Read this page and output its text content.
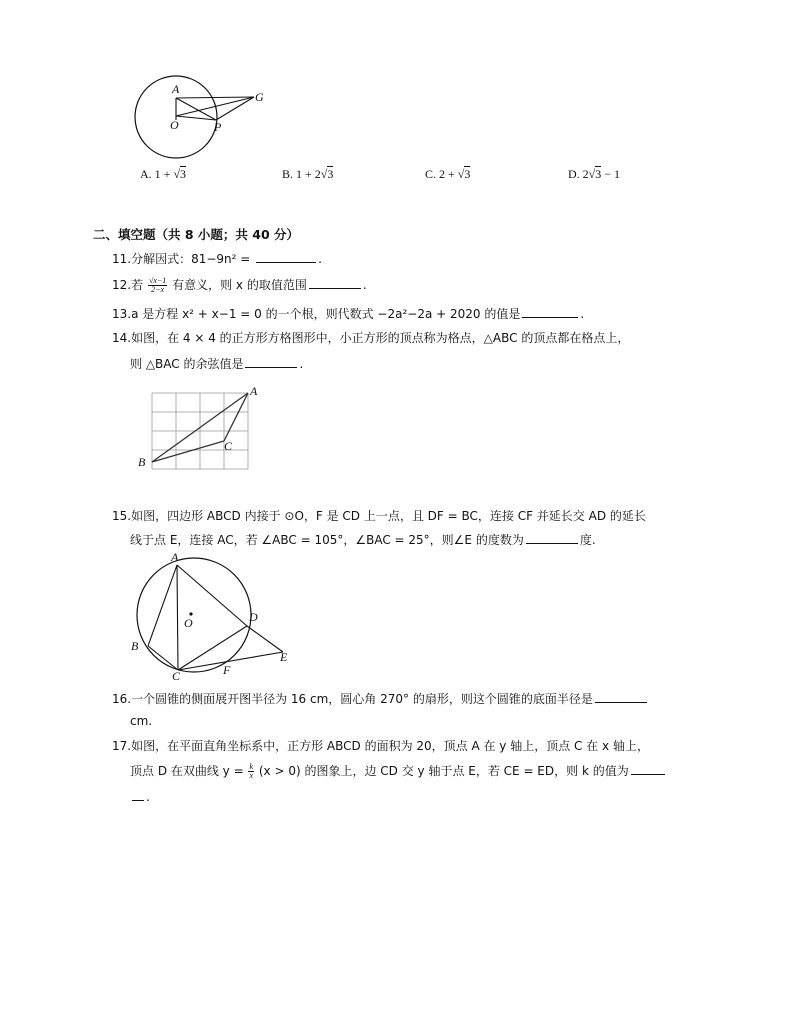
A
G
O	P
A. 1 + √3	B. 1 + 2√3	C. 2 + √3	D. 2√3 − 1
二、填空题（共 8 小题；共 40 分）
11.分解因式：81−9n² =	.
12.若 $\frac{√x-1}{2-x}$ 有意义，则 x 的取值范围	.
13.a 是方程 x² + x−1 = 0 的一个根，则代数式 −2a²−2a + 2020 的值是	.
14.如图，在 4 × 4 的正方形方格图形中，小正方形的顶点称为格点，△ABC 的顶点都在格点上，
则 △BAC 的余弦值是	.
A
B
C
15.如图，四边形 ABCD 内接于 ⊙O，F 是 CD 上一点，且 DF = BC，连接 CF 并延长交 AD 的延长
线于点 E，连接 AC，若 ∠ABC = 105°，∠BAC = 25°，则∠E 的度数为	度.
A
B
C
D
E
F
O
16.一个圆锥的侧面展开图半径为 16 cm，圆心角 270° 的扇形，则这个圆锥的底面半径是
cm.
17.如图，在平面直角坐标系中，正方形 ABCD 的面积为 20，顶点 A 在 y 轴上，顶点 C 在 x 轴上，
顶点 D 在双曲线 $y = \frac{k}{x} (x > 0)$ 的图象上，边 CD 交 y 轴于点 E，若 CE = ED，则 k 的值为
.
